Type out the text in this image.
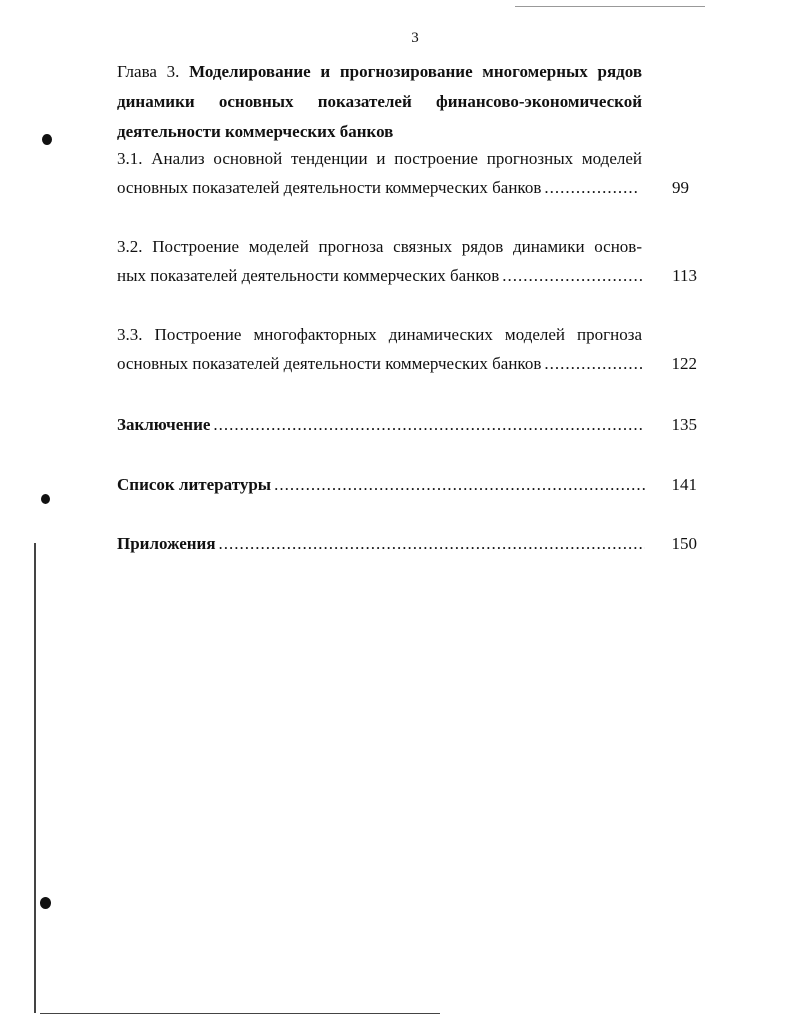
3
Глава 3. Моделирование и прогнозирование многомерных рядов
динамики основных показателей финансово-экономической
деятельности коммерческих банков
3.1. Анализ основной тенденции и построение прогнозных моделей
основных показателей деятельности коммерческих банков .....	99
3.2. Построение моделей прогноза связных рядов динамики основ-
ных показателей деятельности коммерческих банков .....	113
3.3. Построение многофакторных динамических моделей прогноза
основных показателей деятельности коммерческих банков .....	122
Заключение .....	135
Список литературы .....	141
Приложения .....	150
